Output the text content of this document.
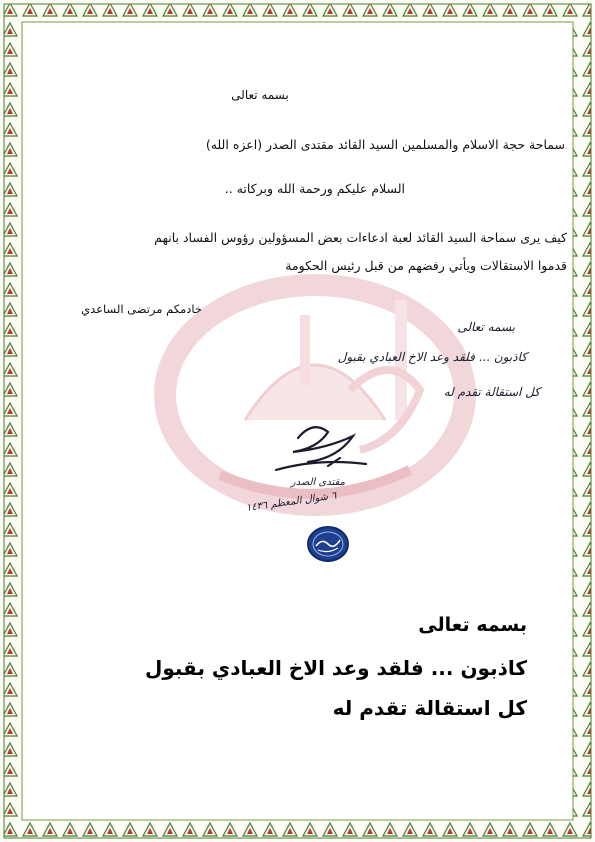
بسمه تعالى
سماحة حجة الاسلام والمسلمين السيد القائد مقتدى الصدر (اعزه الله)
السلام عليكم ورحمة الله وبركاته ..
كيف يرى سماحة السيد القائد لعبة ادعاءات بعض المسؤولين رؤوس الفساد بانهم
قدموا الاستقالات ويأتي رفضهم من قبل رئيس الحكومة
خادمكم مرتضى الساعدي
بسمه تعالى
كاذبون ... فلقد وعد الاخ العبادي بقبول
كل استقالة تقدم له
مقتدى الصدر
٦ شوال المعظم ١٤٣٦
بسمه تعالى
كاذبون ... فلقد وعد الاخ العبادي بقبول
كل استقالة تقدم له
